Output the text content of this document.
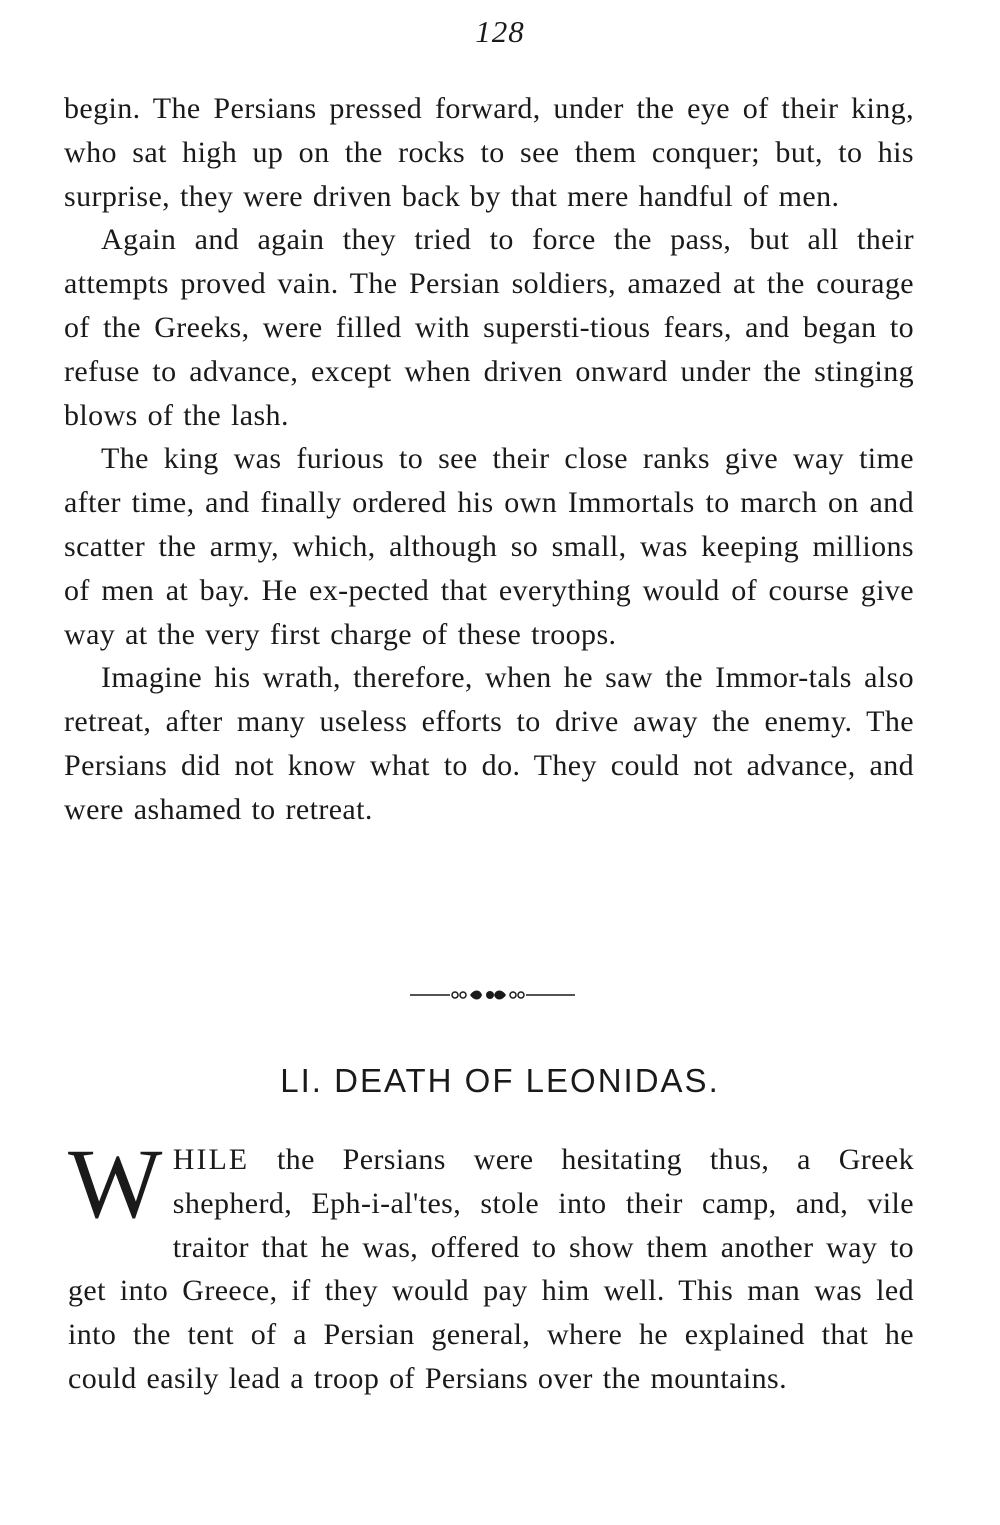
128

begin. The Persians pressed forward, under the eye of their king, who sat high up on the rocks to see them conquer; but, to his surprise, they were driven back by that mere handful of men.

Again and again they tried to force the pass, but all their attempts proved vain. The Persian soldiers, amazed at the courage of the Greeks, were filled with supersti-tious fears, and began to refuse to advance, except when driven onward under the stinging blows of the lash.

The king was furious to see their close ranks give way time after time, and finally ordered his own Immortals to march on and scatter the army, which, although so small, was keeping millions of men at bay. He ex-pected that everything would of course give way at the very first charge of these troops.

Imagine his wrath, therefore, when he saw the Immor-tals also retreat, after many useless efforts to drive away the enemy. The Persians did not know what to do. They could not advance, and were ashamed to retreat.

LI. DEATH OF LEONIDAS.

WHILE the Persians were hesitating thus, a Greek shepherd, Eph-i-al'tes, stole into their camp, and, vile traitor that he was, offered to show them another way to get into Greece, if they would pay him well. This man was led into the tent of a Persian general, where he explained that he could easily lead a troop of Persians over the mountains.
